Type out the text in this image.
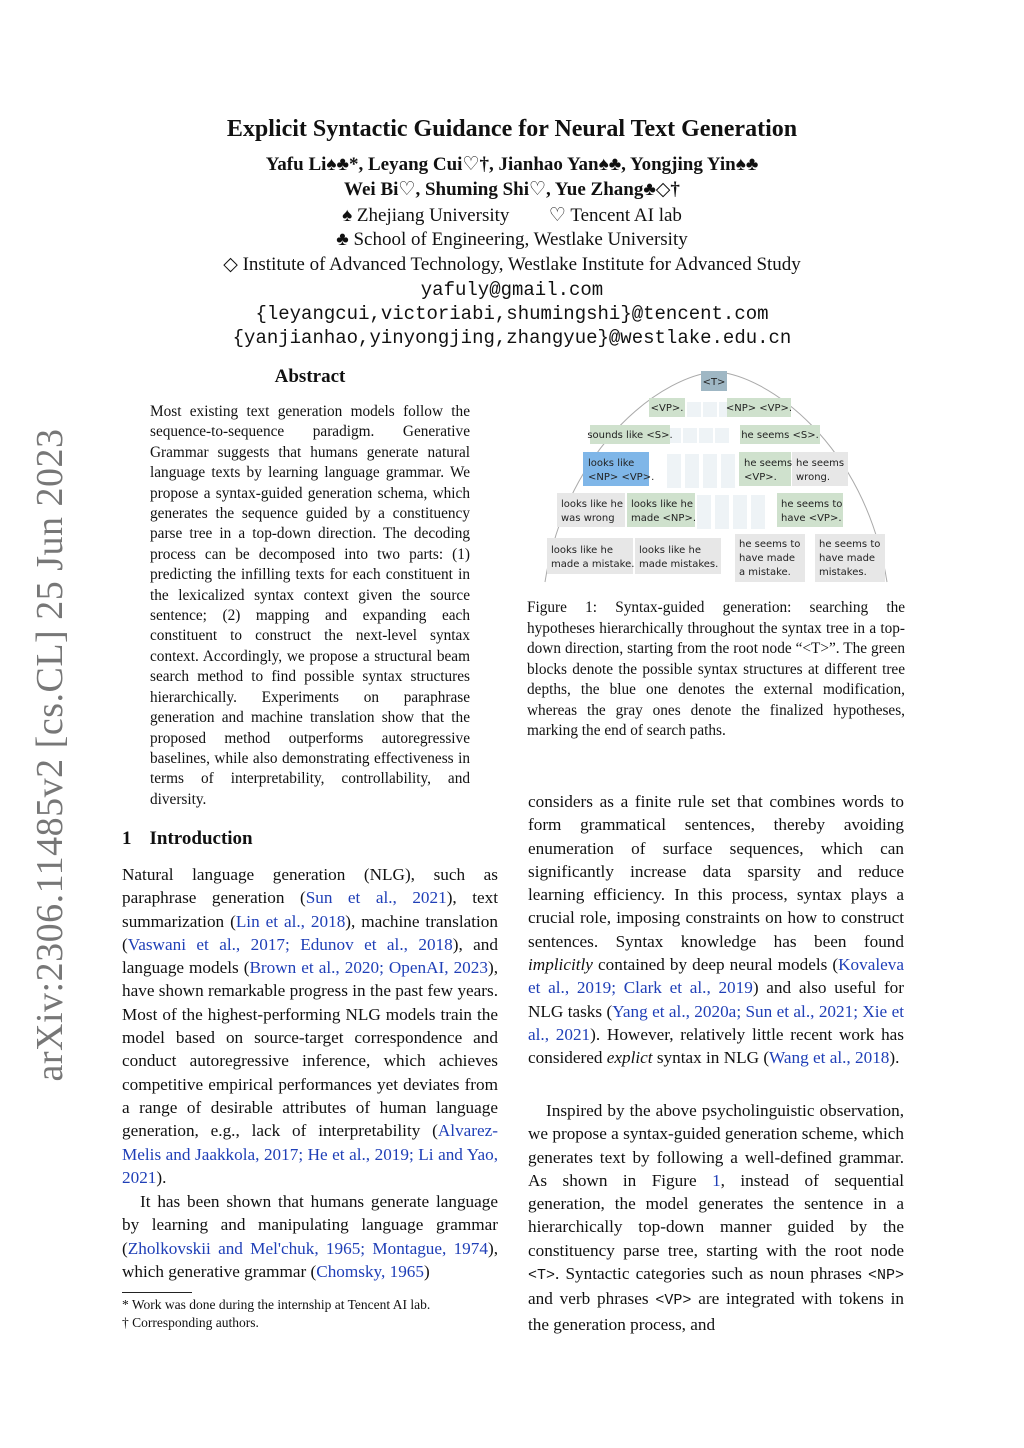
arXiv:2306.11485v2 [cs.CL] 25 Jun 2023
Explicit Syntactic Guidance for Neural Text Generation
Yafu Li♠♣*, Leyang Cui♡†, Jianhao Yan♠♣, Yongjing Yin♠♣
Wei Bi♡, Shuming Shi♡, Yue Zhang♣◇†
♠ Zhejiang University ♡ Tencent AI lab
♣ School of Engineering, Westlake University
◇ Institute of Advanced Technology, Westlake Institute for Advanced Study
yafuly@gmail.com
{leyangcui,victoriabi,shumingshi}@tencent.com
{yanjianhao,yinyongjing,zhangyue}@westlake.edu.cn
Abstract
Most existing text generation models follow the sequence-to-sequence paradigm. Generative Grammar suggests that humans generate natural language texts by learning language grammar. We propose a syntax-guided generation schema, which generates the sequence guided by a constituency parse tree in a top-down direction. The decoding process can be decomposed into two parts: (1) predicting the infilling texts for each constituent in the lexicalized syntax context given the source sentence; (2) mapping and expanding each constituent to construct the next-level syntax context. Accordingly, we propose a structural beam search method to find possible syntax structures hierarchically. Experiments on paraphrase generation and machine translation show that the proposed method outperforms autoregressive baselines, while also demonstrating effectiveness in terms of interpretability, controllability, and diversity.
1 Introduction
Natural language generation (NLG), such as paraphrase generation (Sun et al., 2021), text summarization (Lin et al., 2018), machine translation (Vaswani et al., 2017; Edunov et al., 2018), and language models (Brown et al., 2020; OpenAI, 2023), have shown remarkable progress in the past few years. Most of the highest-performing NLG models train the model based on source-target correspondence and conduct autoregressive inference, which achieves competitive empirical performances yet deviates from a range of desirable attributes of human language generation, e.g., lack of interpretability (Alvarez-Melis and Jaakkola, 2017; He et al., 2019; Li and Yao, 2021).
It has been shown that humans generate language by learning and manipulating language grammar (Zholkovskii and Mel'chuk, 1965; Montague, 1974), which generative grammar (Chomsky, 1965)
* Work was done during the internship at Tencent AI lab.
† Corresponding authors.
<T>
<VP>.	<NP> <VP>.
sounds like <S>.	he seems <S>.
looks like
<NP> <VP>.
he seems
<VP>.
he seems
wrong.
looks like he
was wrong
looks like he
made <NP>.
he seems to
have <VP>.
looks like he
made a mistake.
looks like he
made mistakes.
he seems to
have made
a mistake.
he seems to
have made
mistakes.
Figure 1: Syntax-guided generation: searching the hypotheses hierarchically throughout the syntax tree in a top-down direction, starting from the root node “<T>”. The green blocks denote the possible syntax structures at different tree depths, the blue one denotes the external modification, whereas the gray ones denote the finalized hypotheses, marking the end of search paths.
considers as a finite rule set that combines words to form grammatical sentences, thereby avoiding enumeration of surface sequences, which can significantly increase data sparsity and reduce learning efficiency. In this process, syntax plays a crucial role, imposing constraints on how to construct sentences. Syntax knowledge has been found implicitly contained by deep neural models (Kovaleva et al., 2019; Clark et al., 2019) and also useful for NLG tasks (Yang et al., 2020a; Sun et al., 2021; Xie et al., 2021). However, relatively little recent work has considered explict syntax in NLG (Wang et al., 2018).
Inspired by the above psycholinguistic observation, we propose a syntax-guided generation scheme, which generates text by following a well-defined grammar. As shown in Figure 1, instead of sequential generation, the model generates the sentence in a hierarchically top-down manner guided by the constituency parse tree, starting with the root node <T>. Syntactic categories such as noun phrases <NP> and verb phrases <VP> are integrated with tokens in the generation process, and
